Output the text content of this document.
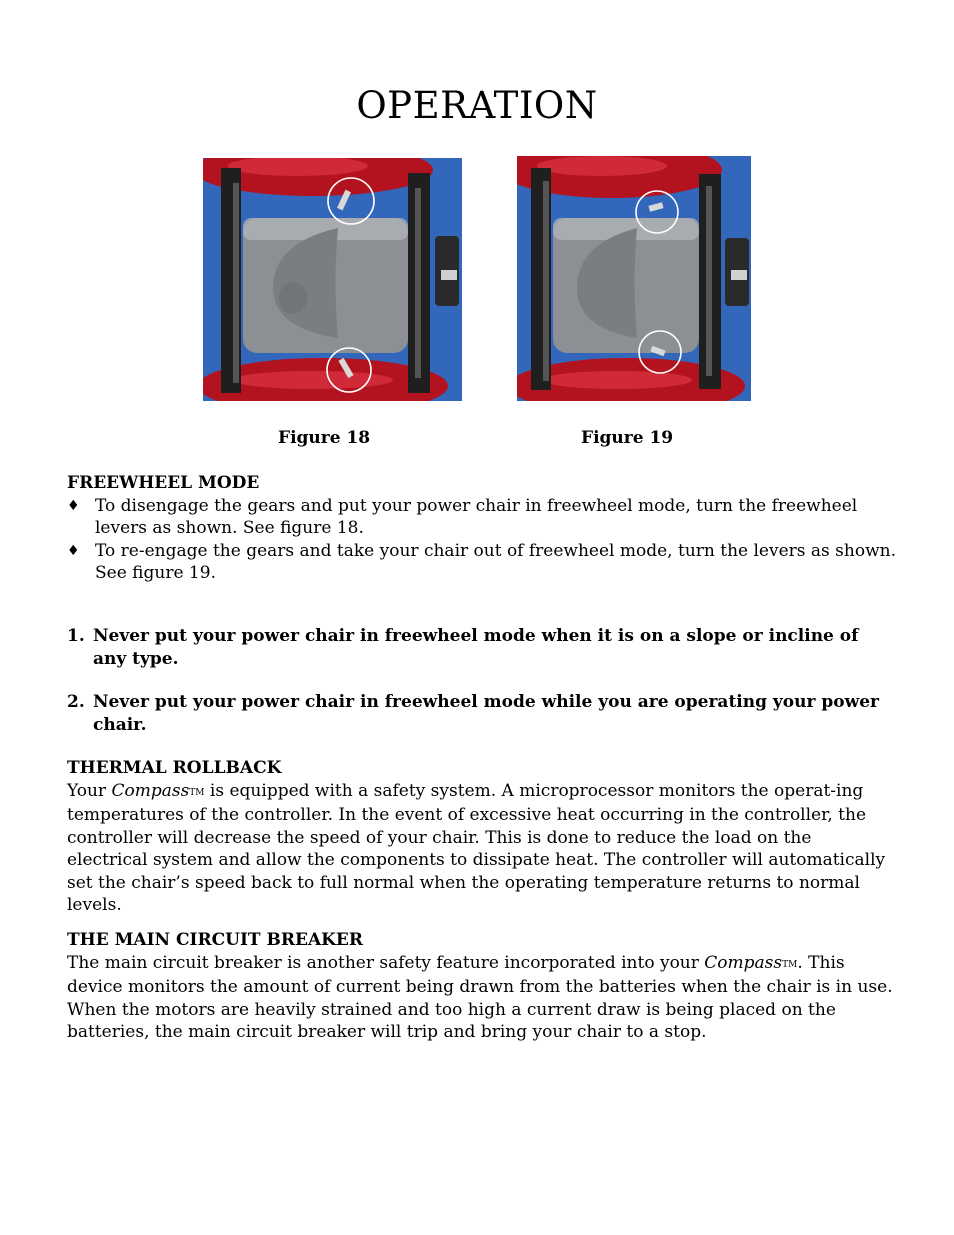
OPERATION
Figure 18	Figure 19
FREEWHEEL MODE
♦ To disengage the gears and put your power chair in freewheel mode, turn the freewheel levers as shown. See figure 18.
♦ To re-engage the gears and take your chair out of freewheel mode, turn the levers as shown. See figure 19.
1. Never put your power chair in freewheel mode when it is on a slope or incline of any type.
2. Never put your power chair in freewheel mode while you are operating your power chair.
THERMAL ROLLBACK

Your CompassTM is equipped with a safety system. A microprocessor monitors the operat-ing temperatures of the controller. In the event of excessive heat occurring in the controller, the controller will decrease the speed of your chair. This is done to reduce the load on the electrical system and allow the components to dissipate heat. The controller will automatically set the chair’s speed back to full normal when the operating temperature returns to normal levels.

THE MAIN CIRCUIT BREAKER

The main circuit breaker is another safety feature incorporated into your CompassTM. This device monitors the amount of current being drawn from the batteries when the chair is in use. When the motors are heavily strained and too high a current draw is being placed on the batteries, the main circuit breaker will trip and bring your chair to a stop.
